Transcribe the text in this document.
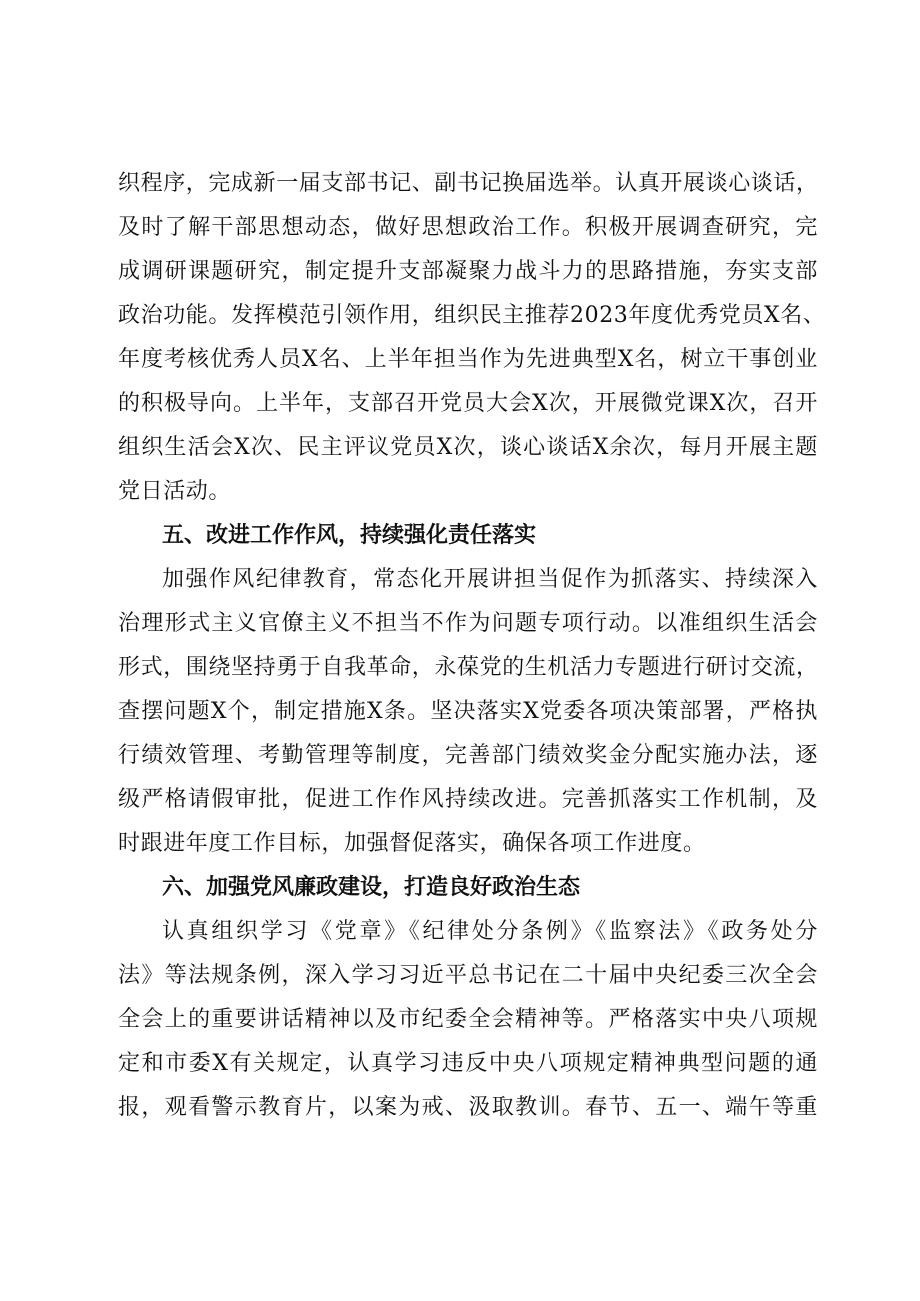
织程序，完成新一届支部书记、副书记换届选举。认真开展谈心谈话，
及时了解干部思想动态，做好思想政治工作。积极开展调查研究，完
成调研课题研究，制定提升支部凝聚力战斗力的思路措施，夯实支部
政治功能。发挥模范引领作用，组织民主推荐2023年度优秀党员X名、
年度考核优秀人员X名、上半年担当作为先进典型X名，树立干事创业
的积极导向。上半年，支部召开党员大会X次，开展微党课X次，召开
组织生活会X次、民主评议党员X次，谈心谈话X余次，每月开展主题
党日活动。
五、改进工作作风，持续强化责任落实
加强作风纪律教育，常态化开展讲担当促作为抓落实、持续深入
治理形式主义官僚主义不担当不作为问题专项行动。以准组织生活会
形式，围绕坚持勇于自我革命，永葆党的生机活力专题进行研讨交流，
查摆问题X个，制定措施X条。坚决落实X党委各项决策部署，严格执
行绩效管理、考勤管理等制度，完善部门绩效奖金分配实施办法，逐
级严格请假审批，促进工作作风持续改进。完善抓落实工作机制，及
时跟进年度工作目标，加强督促落实，确保各项工作进度。
六、加强党风廉政建设，打造良好政治生态
认真组织学习《党章》《纪律处分条例》《监察法》《政务处分
法》等法规条例，深入学习习近平总书记在二十届中央纪委三次全会
全会上的重要讲话精神以及市纪委全会精神等。严格落实中央八项规
定和市委X有关规定，认真学习违反中央八项规定精神典型问题的通
报，观看警示教育片，以案为戒、汲取教训。春节、五一、端午等重
